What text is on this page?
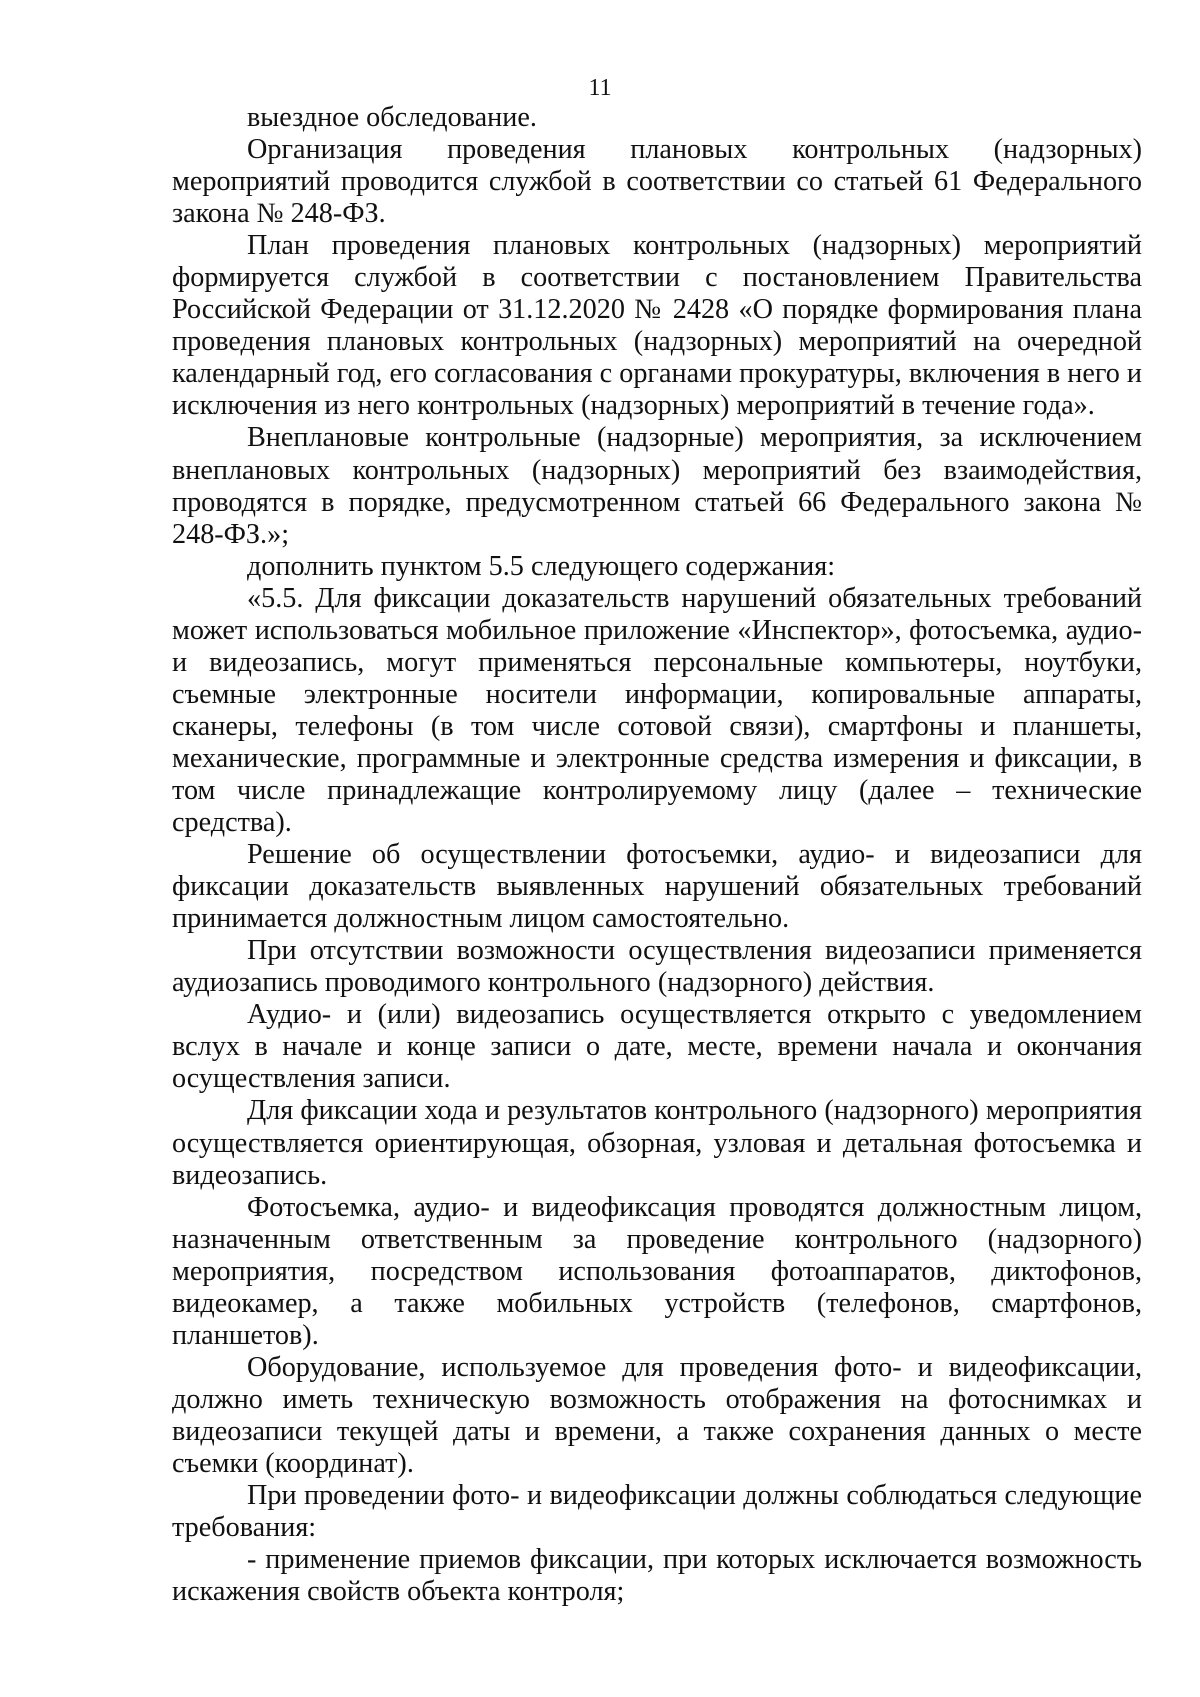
11

выездное обследование.

Организация проведения плановых контрольных (надзорных) мероприятий проводится службой в соответствии со статьей 61 Федерального закона № 248-ФЗ.

План проведения плановых контрольных (надзорных) мероприятий формируется службой в соответствии с постановлением Правительства Российской Федерации от 31.12.2020 № 2428 «О порядке формирования плана проведения плановых контрольных (надзорных) мероприятий на очередной календарный год, его согласования с органами прокуратуры, включения в него и исключения из него контрольных (надзорных) мероприятий в течение года».

Внеплановые контрольные (надзорные) мероприятия, за исключением внеплановых контрольных (надзорных) мероприятий без взаимодействия, проводятся в порядке, предусмотренном статьей 66 Федерального закона № 248-ФЗ.»;

дополнить пунктом 5.5 следующего содержания:

«5.5. Для фиксации доказательств нарушений обязательных требований может использоваться мобильное приложение «Инспектор», фотосъемка, аудио- и видеозапись, могут применяться персональные компьютеры, ноутбуки, съемные электронные носители информации, копировальные аппараты, сканеры, телефоны (в том числе сотовой связи), смартфоны и планшеты, механические, программные и электронные средства измерения и фиксации, в том числе принадлежащие контролируемому лицу (далее – технические средства).

Решение об осуществлении фотосъемки, аудио- и видеозаписи для фиксации доказательств выявленных нарушений обязательных требований принимается должностным лицом самостоятельно.

При отсутствии возможности осуществления видеозаписи применяется аудиозапись проводимого контрольного (надзорного) действия.

Аудио- и (или) видеозапись осуществляется открыто с уведомлением вслух в начале и конце записи о дате, месте, времени начала и окончания осуществления записи.

Для фиксации хода и результатов контрольного (надзорного) мероприятия осуществляется ориентирующая, обзорная, узловая и детальная фотосъемка и видеозапись.

Фотосъемка, аудио- и видеофиксация проводятся должностным лицом, назначенным ответственным за проведение контрольного (надзорного) мероприятия, посредством использования фотоаппаратов, диктофонов, видеокамер, а также мобильных устройств (телефонов, смартфонов, планшетов).

Оборудование, используемое для проведения фото- и видеофиксации, должно иметь техническую возможность отображения на фотоснимках и видеозаписи текущей даты и времени, а также сохранения данных о месте съемки (координат).

При проведении фото- и видеофиксации должны соблюдаться следующие требования:

- применение приемов фиксации, при которых исключается возможность искажения свойств объекта контроля;
